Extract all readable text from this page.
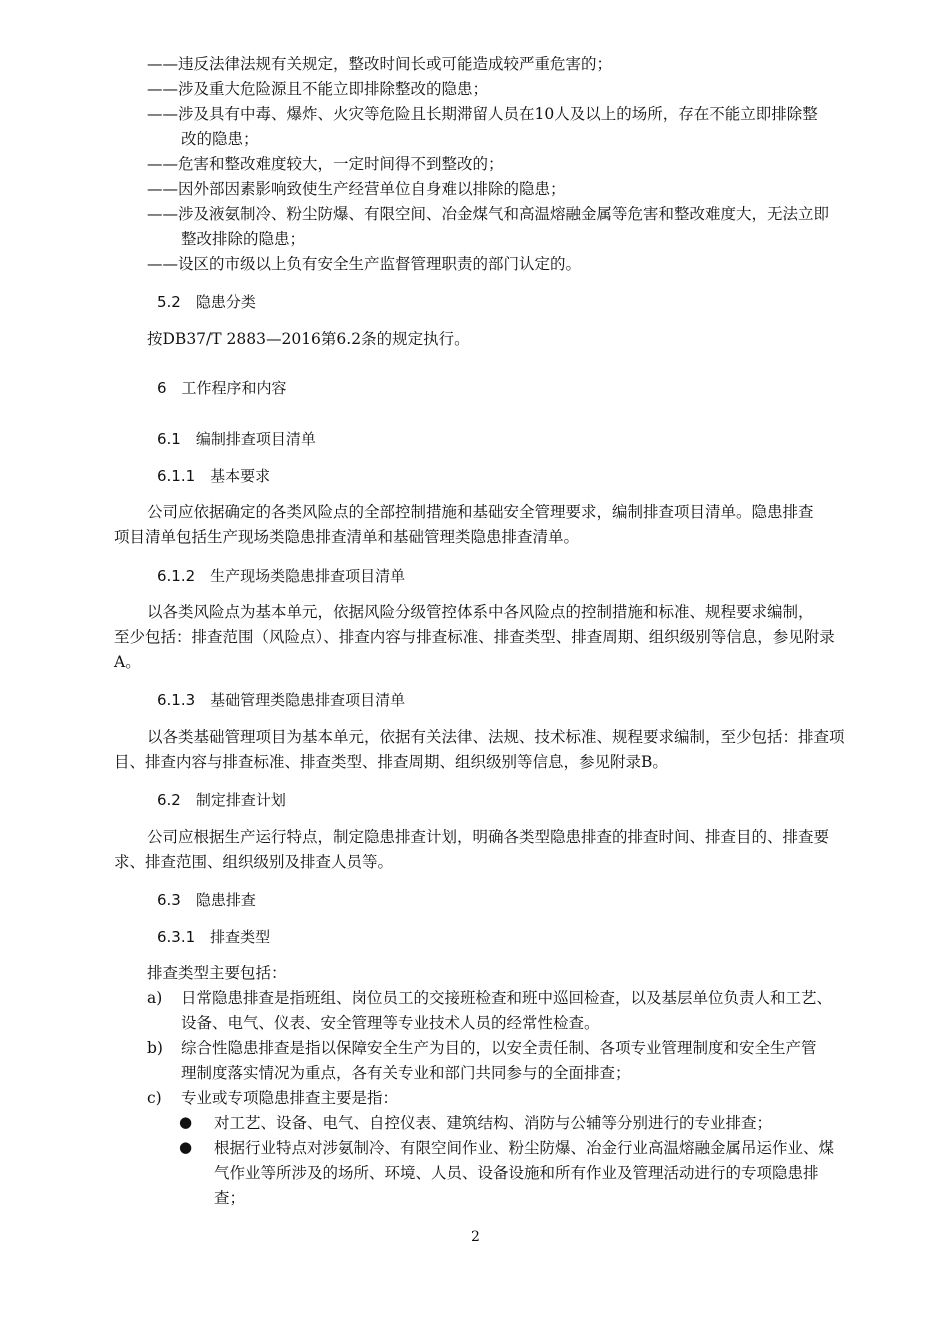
——违反法律法规有关规定，整改时间长或可能造成较严重危害的；
——涉及重大危险源且不能立即排除整改的隐患；
——涉及具有中毒、爆炸、火灾等危险且长期滞留人员在10人及以上的场所，存在不能立即排除整
改的隐患；
——危害和整改难度较大，一定时间得不到整改的；
——因外部因素影响致使生产经营单位自身难以排除的隐患；
——涉及液氨制冷、粉尘防爆、有限空间、冶金煤气和高温熔融金属等危害和整改难度大，无法立即
整改排除的隐患；
——设区的市级以上负有安全生产监督管理职责的部门认定的。
5.2　隐患分类
按DB37/T 2883—2016第6.2条的规定执行。
6　工作程序和内容
6.1　编制排查项目清单
6.1.1　基本要求
公司应依据确定的各类风险点的全部控制措施和基础安全管理要求，编制排查项目清单。隐患排查
项目清单包括生产现场类隐患排查清单和基础管理类隐患排查清单。
6.1.2　生产现场类隐患排查项目清单
以各类风险点为基本单元，依据风险分级管控体系中各风险点的控制措施和标准、规程要求编制，
至少包括：排查范围（风险点）、排查内容与排查标准、排查类型、排查周期、组织级别等信息，参见附录
A。
6.1.3　基础管理类隐患排查项目清单
以各类基础管理项目为基本单元，依据有关法律、法规、技术标准、规程要求编制，至少包括：排查项
目、排查内容与排查标准、排查类型、排查周期、组织级别等信息，参见附录B。
6.2　制定排查计划
公司应根据生产运行特点，制定隐患排查计划，明确各类型隐患排查的排查时间、排查目的、排查要
求、排查范围、组织级别及排查人员等。
6.3　隐患排查
6.3.1　排查类型
排查类型主要包括：
a) 日常隐患排查是指班组、岗位员工的交接班检查和班中巡回检查，以及基层单位负责人和工艺、
设备、电气、仪表、安全管理等专业技术人员的经常性检查。
b) 综合性隐患排查是指以保障安全生产为目的，以安全责任制、各项专业管理制度和安全生产管
理制度落实情况为重点，各有关专业和部门共同参与的全面排查；
c) 专业或专项隐患排查主要是指：
● 对工艺、设备、电气、自控仪表、建筑结构、消防与公辅等分别进行的专业排查；
● 根据行业特点对涉氨制冷、有限空间作业、粉尘防爆、冶金行业高温熔融金属吊运作业、煤
气作业等所涉及的场所、环境、人员、设备设施和所有作业及管理活动进行的专项隐患排
查；
2
